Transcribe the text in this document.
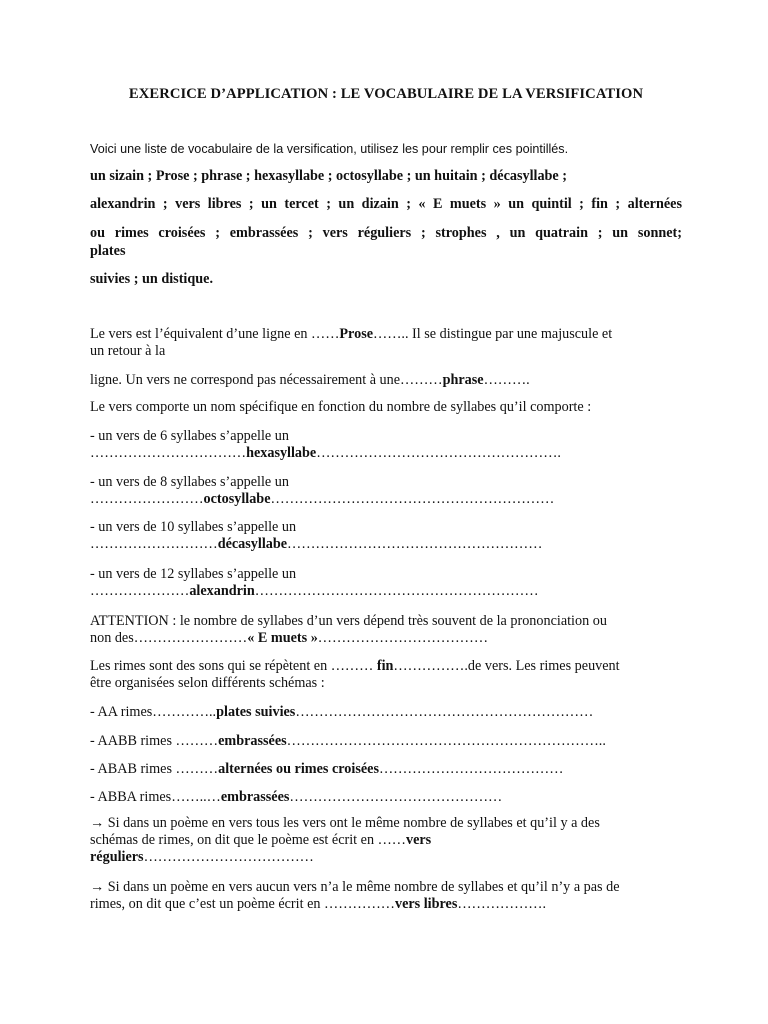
EXERCICE D’APPLICATION : LE VOCABULAIRE DE LA VERSIFICATION
Voici une liste de vocabulaire de la versification, utilisez les pour remplir ces pointillés.
un sizain ; Prose ; phrase ; hexasyllabe ; octosyllabe ; un huitain ; décasyllabe ;
alexandrin ; vers libres ; un tercet ; un dizain ; « E muets » un quintil ; fin ; alternées
ou rimes croisées ; embrassées ; vers réguliers ; strophes , un quatrain ; un sonnet;
plates
suivies ; un distique.
Le vers est l’équivalent d’une ligne en ……Prose…….. Il se distingue par une majuscule et
un retour à la
ligne. Un vers ne correspond pas nécessairement à une………phrase……….
Le vers comporte un nom spécifique en fonction du nombre de syllabes qu’il comporte :
- un vers de 6 syllabes s’appelle un
……………………………hexasyllabe…………………………………………….
- un vers de 8 syllabes s’appelle un
……………………octosyllabe……………………………………………………
- un vers de 10 syllabes s’appelle un
………………………décasyllabe………………………………………………
- un vers de 12 syllabes s’appelle un
…………………alexandrin……………………………………………………
ATTENTION : le nombre de syllabes d’un vers dépend très souvent de la prononciation ou
non des……………………« E muets »………………………………
Les rimes sont des sons qui se répètent en ……… fin…………….de vers. Les rimes peuvent
être organisées selon différents schémas :
- AA rimes…………..plates suivies………………………………………………………
- AABB rimes ………embrassées…………………………………………………………..
- ABAB rimes ………alternées ou rimes croisées…………………………………
- ABBA rimes……..…embrassées………………………………………
→ Si dans un poème en vers tous les vers ont le même nombre de syllabes et qu’il y a des
schémas de rimes, on dit que le poème est écrit en ……vers
réguliers………………………………
→ Si dans un poème en vers aucun vers n’a le même nombre de syllabes et qu’il n’y a pas de
rimes, on dit que c’est un poème écrit en ……………vers libres……………….
